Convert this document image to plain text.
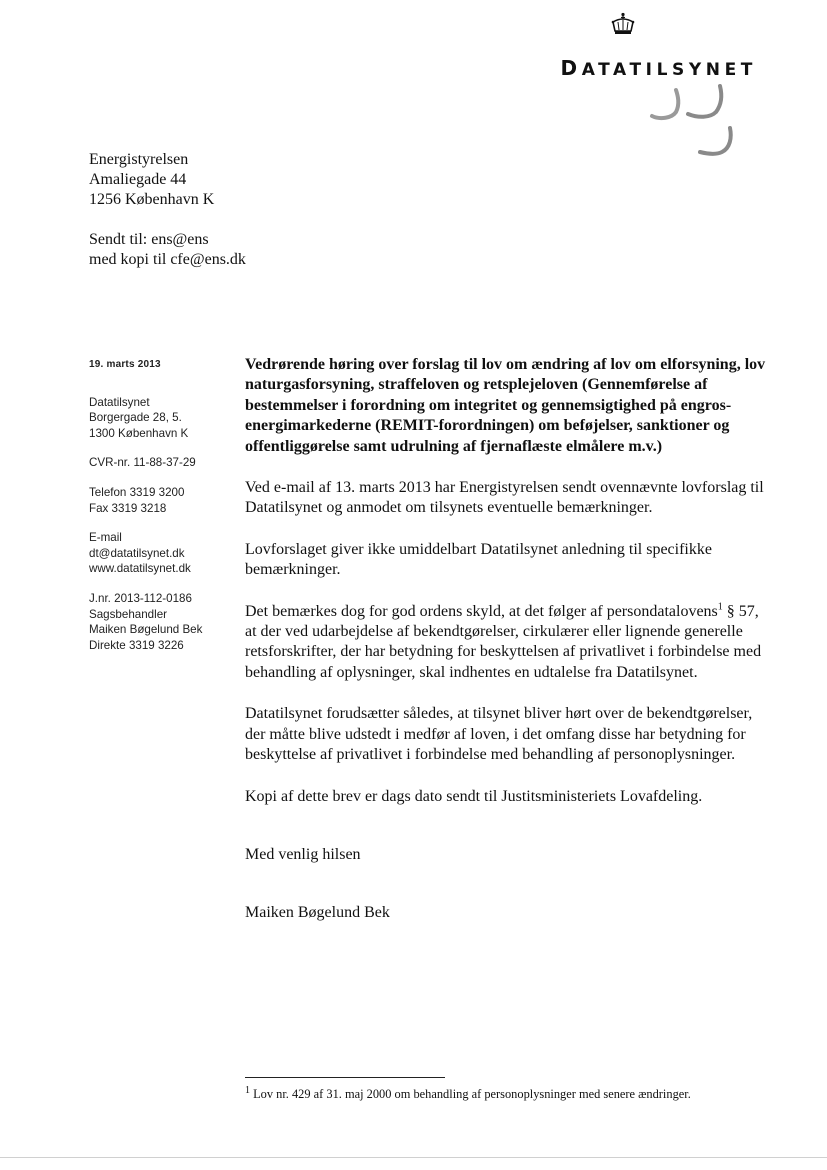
DATATILSYNET
Energistyrelsen
Amaliegade 44
1256 København K
Sendt til: ens@ens
med kopi til cfe@ens.dk
19. marts 2013
Datatilsynet
Borgergade 28, 5.
1300 København K
CVR-nr. 11-88-37-29
Telefon 3319 3200
Fax 3319 3218
E-mail
dt@datatilsynet.dk
www.datatilsynet.dk
J.nr. 2013-112-0186
Sagsbehandler
Maiken Bøgelund Bek
Direkte 3319 3226

Vedrørende høring over forslag til lov om ændring af lov om elforsyning, lov naturgasforsyning, straffeloven og retsplejeloven (Gennemførelse af bestemmelser i forordning om integritet og gennemsigtighed på engros-energimarkederne (REMIT-forordningen) om beføjelser, sanktioner og offentliggørelse samt udrulning af fjernaflæste elmålere m.v.)

Ved e-mail af 13. marts 2013 har Energistyrelsen sendt ovennævnte lovforslag til Datatilsynet og anmodet om tilsynets eventuelle bemærkninger.

Lovforslaget giver ikke umiddelbart Datatilsynet anledning til specifikke bemærkninger.

Det bemærkes dog for god ordens skyld, at det følger af persondatalovens$^1$ § 57, at der ved udarbejdelse af bekendtgørelser, cirkulærer eller lignende generelle retsforskrifter, der har betydning for beskyttelsen af privatlivet i forbindelse med behandling af oplysninger, skal indhentes en udtalelse fra Datatilsynet.

Datatilsynet forudsætter således, at tilsynet bliver hørt over de bekendtgørelser, der måtte blive udstedt i medfør af loven, i det omfang disse har betydning for beskyttelse af privatlivet i forbindelse med behandling af personoplysninger.

Kopi af dette brev er dags dato sendt til Justitsministeriets Lovafdeling.

Med venlig hilsen

Maiken Bøgelund Bek

$^1$ Lov nr. 429 af 31. maj 2000 om behandling af personoplysninger med senere ændringer.
